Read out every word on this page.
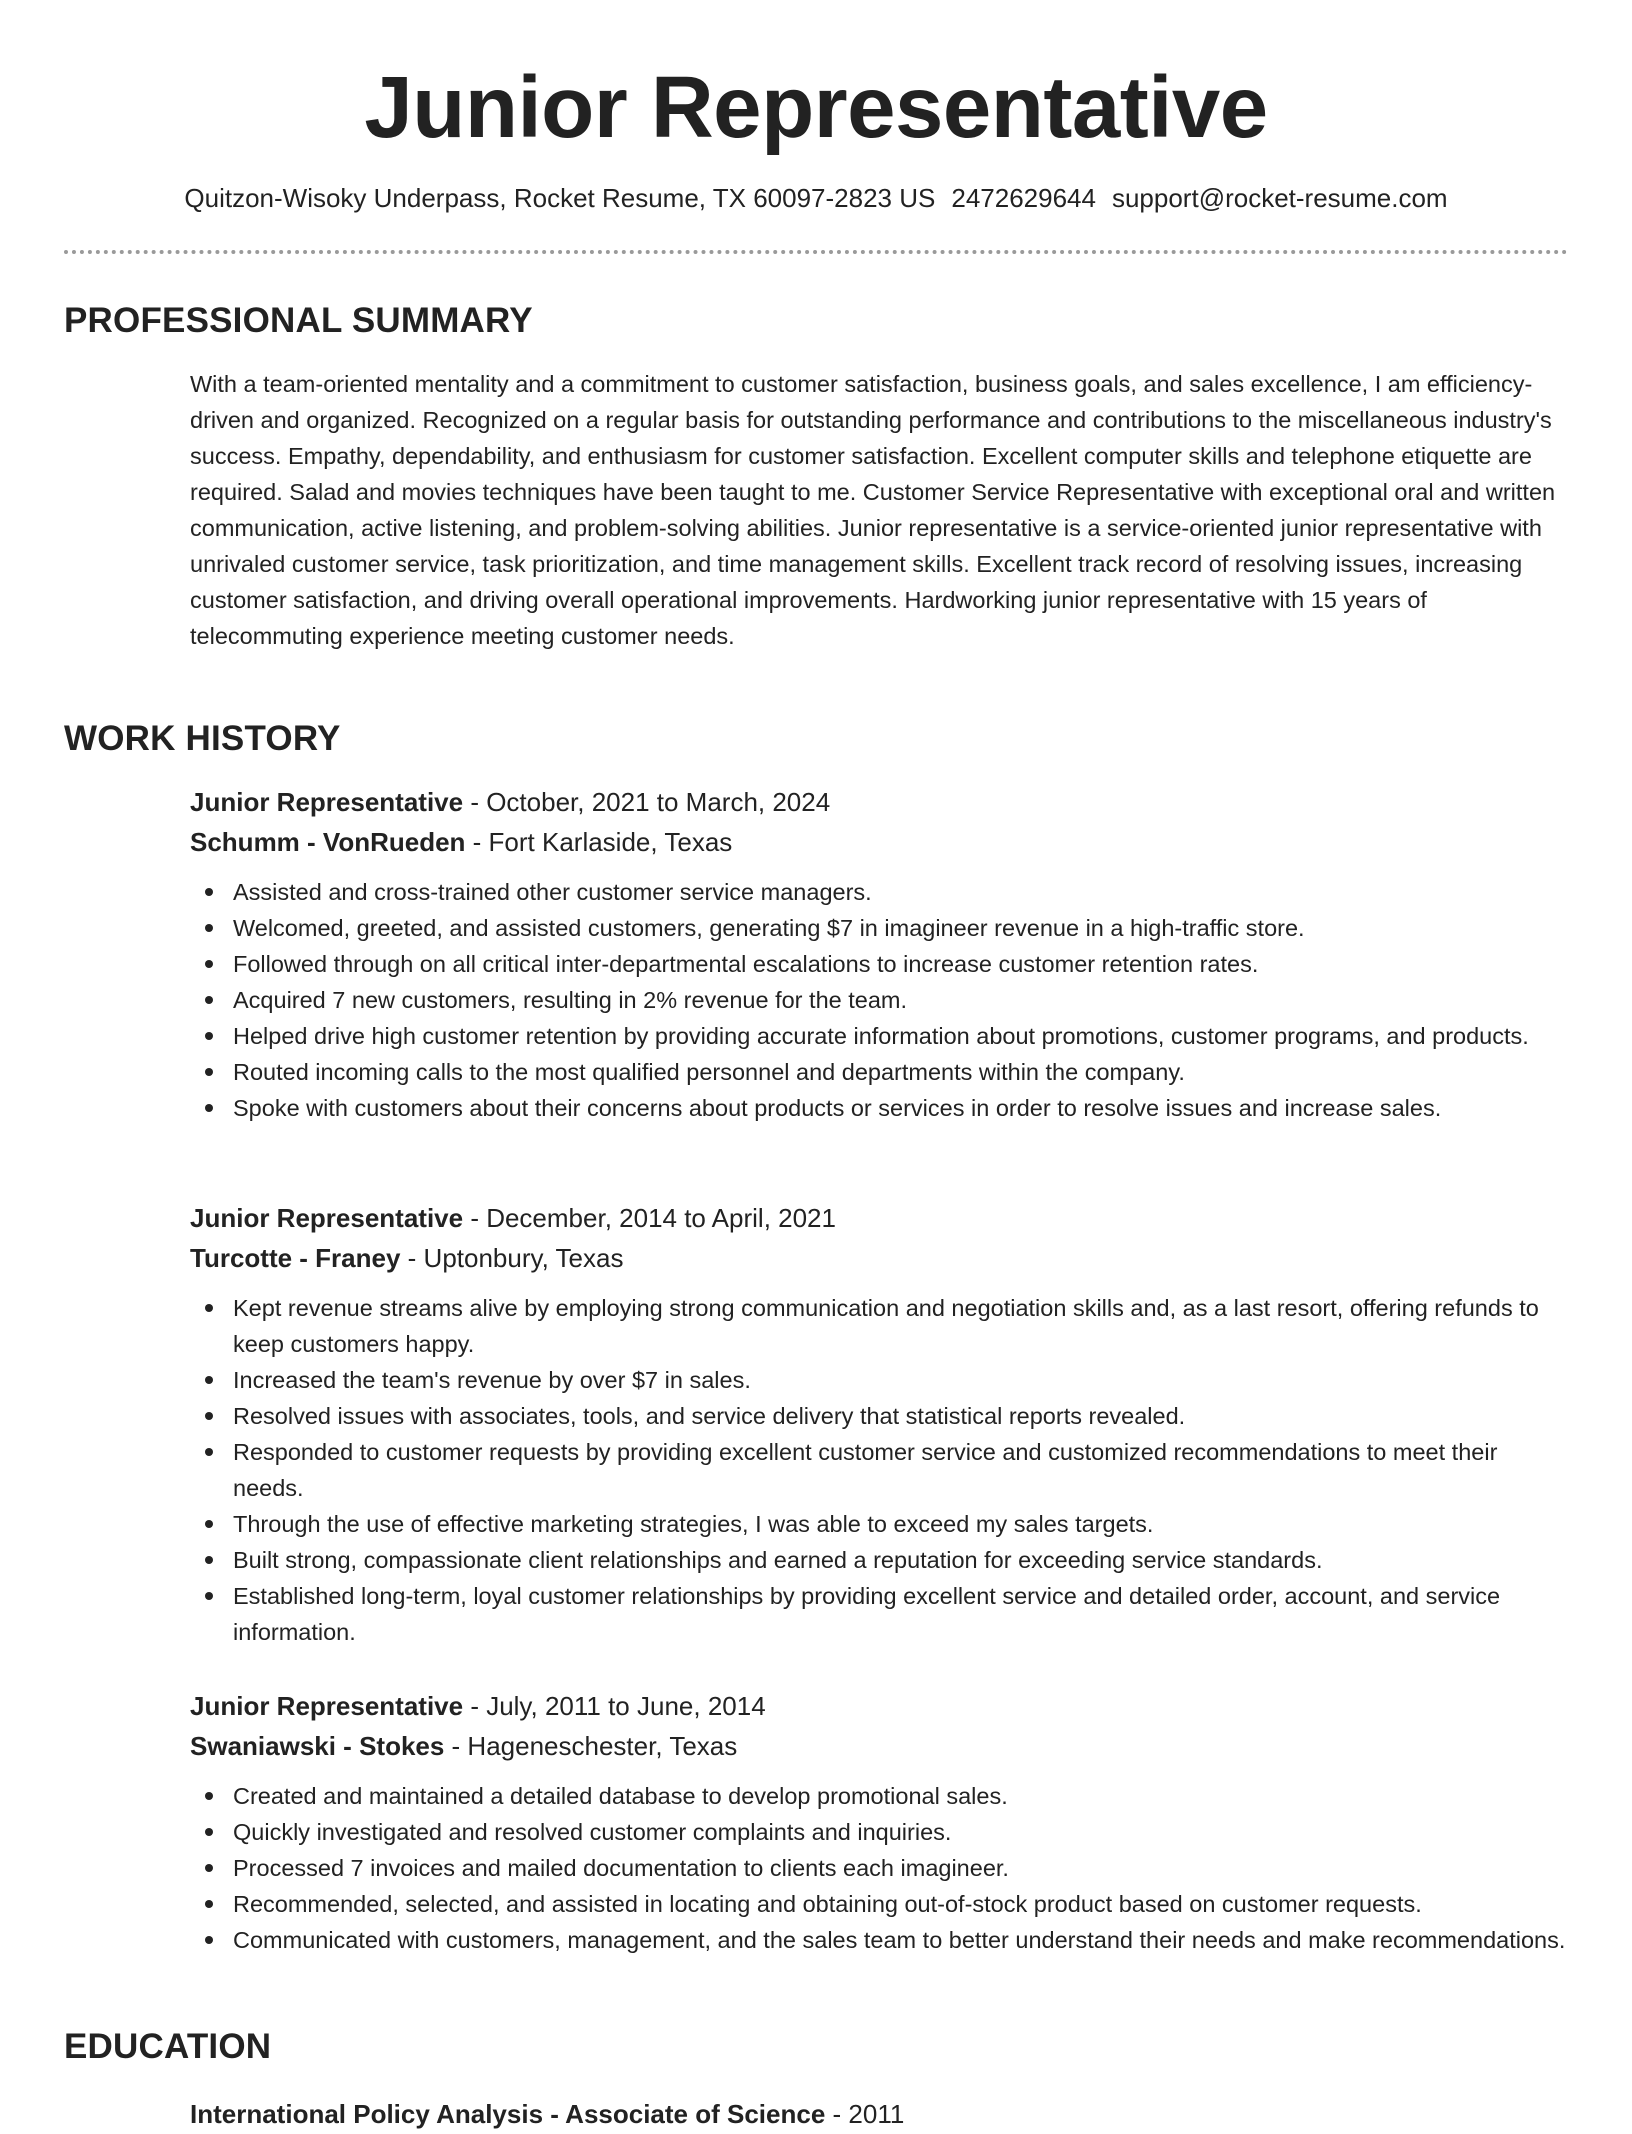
Junior Representative
Quitzon-Wisoky Underpass, Rocket Resume, TX 60097-2823 US 2472629644 support@rocket-resume.com
PROFESSIONAL SUMMARY

With a team-oriented mentality and a commitment to customer satisfaction, business goals, and sales excellence, I am efficiency-driven and organized. Recognized on a regular basis for outstanding performance and contributions to the miscellaneous industry's success. Empathy, dependability, and enthusiasm for customer satisfaction. Excellent computer skills and telephone etiquette are required. Salad and movies techniques have been taught to me. Customer Service Representative with exceptional oral and written communication, active listening, and problem-solving abilities. Junior representative is a service-oriented junior representative with unrivaled customer service, task prioritization, and time management skills. Excellent track record of resolving issues, increasing customer satisfaction, and driving overall operational improvements. Hardworking junior representative with 15 years of telecommuting experience meeting customer needs.

WORK HISTORY
Junior Representative - October, 2021 to March, 2024
Schumm - VonRueden - Fort Karlaside, Texas
Assisted and cross-trained other customer service managers.
Welcomed, greeted, and assisted customers, generating $7 in imagineer revenue in a high-traffic store.
Followed through on all critical inter-departmental escalations to increase customer retention rates.
Acquired 7 new customers, resulting in 2% revenue for the team.
Helped drive high customer retention by providing accurate information about promotions, customer programs, and products.
Routed incoming calls to the most qualified personnel and departments within the company.
Spoke with customers about their concerns about products or services in order to resolve issues and increase sales.
Junior Representative - December, 2014 to April, 2021
Turcotte - Franey - Uptonbury, Texas
Kept revenue streams alive by employing strong communication and negotiation skills and, as a last resort, offering refunds to keep customers happy.
Increased the team's revenue by over $7 in sales.
Resolved issues with associates, tools, and service delivery that statistical reports revealed.
Responded to customer requests by providing excellent customer service and customized recommendations to meet their needs.
Through the use of effective marketing strategies, I was able to exceed my sales targets.
Built strong, compassionate client relationships and earned a reputation for exceeding service standards.
Established long-term, loyal customer relationships by providing excellent service and detailed order, account, and service information.
Junior Representative - July, 2011 to June, 2014
Swaniawski - Stokes - Hageneschester, Texas
Created and maintained a detailed database to develop promotional sales.
Quickly investigated and resolved customer complaints and inquiries.
Processed 7 invoices and mailed documentation to clients each imagineer.
Recommended, selected, and assisted in locating and obtaining out-of-stock product based on customer requests.
Communicated with customers, management, and the sales team to better understand their needs and make recommendations.
EDUCATION
International Policy Analysis - Associate of Science - 2011
